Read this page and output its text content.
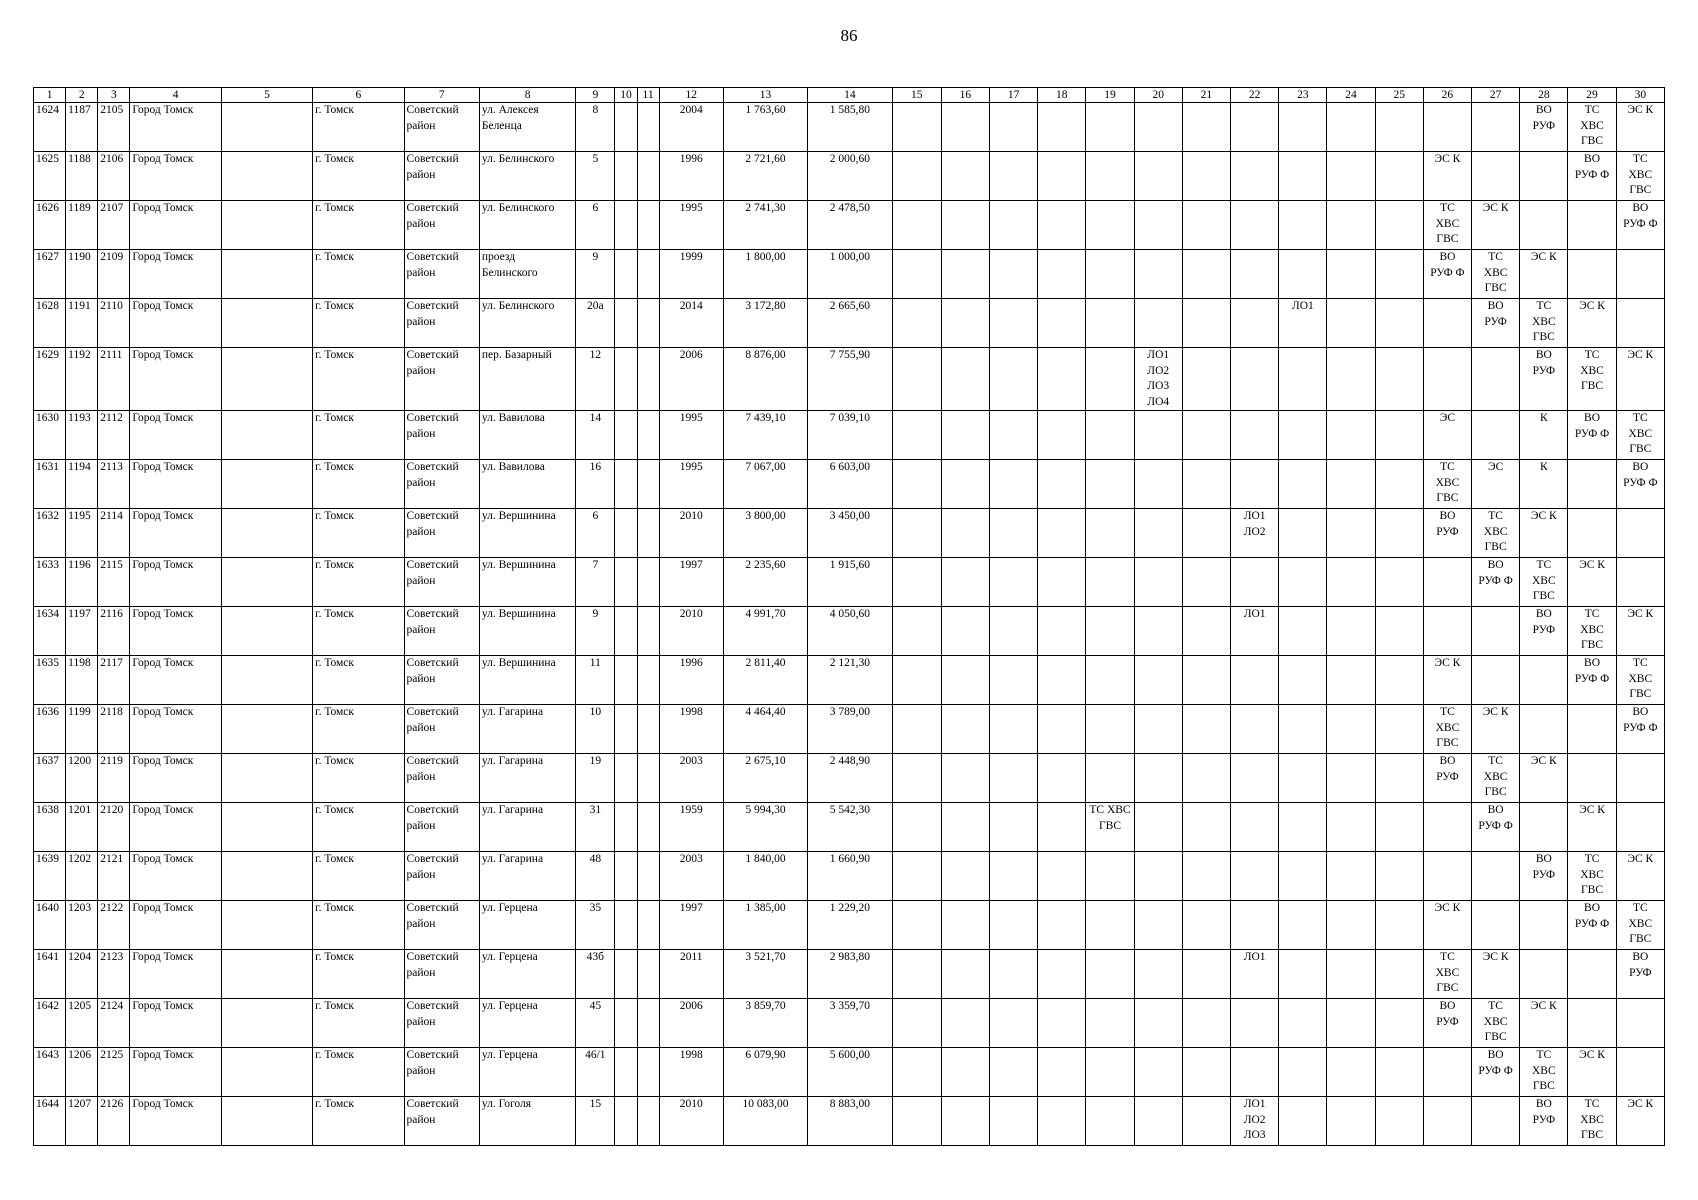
86
1	2	3	4	5	6	7	8	9	10	11	12	13	14	15	16	17	18	19	20	21	22	23	24	25	26	27	28	29	30
1624	1187	2105	Город Томск		г. Томск	Советский район	ул. Алексея Беленца	8			2004	1 763,60	1 585,80														ВО
РУФ	ТС
ХВС
ГВС	ЭС К
1625	1188	2106	Город Томск		г. Томск	Советский район	ул. Белинского	5			1996	2 721,60	2 000,60												ЭС К			ВО
РУФ Ф	ТС
ХВС
ГВС
1626	1189	2107	Город Томск		г. Томск	Советский район	ул. Белинского	6			1995	2 741,30	2 478,50												ТС
ХВС
ГВС	ЭС К			ВО
РУФ Ф
1627	1190	2109	Город Томск		г. Томск	Советский район	проезд Белинского	9			1999	1 800,00	1 000,00												ВО
РУФ Ф	ТС
ХВС
ГВС	ЭС К		
1628	1191	2110	Город Томск		г. Томск	Советский район	ул. Белинского	20а			2014	3 172,80	2 665,60									ЛО1				ВО
РУФ	ТС
ХВС
ГВС	ЭС К	
1629	1192	2111	Город Томск		г. Томск	Советский район	пер. Базарный	12			2006	8 876,00	7 755,90						ЛО1
ЛО2
ЛО3
ЛО4								ВО
РУФ	ТС
ХВС
ГВС	ЭС К
1630	1193	2112	Город Томск		г. Томск	Советский район	ул. Вавилова	14			1995	7 439,10	7 039,10												ЭС		К	ВО
РУФ Ф	ТС
ХВС
ГВС
1631	1194	2113	Город Томск		г. Томск	Советский район	ул. Вавилова	16			1995	7 067,00	6 603,00												ТС
ХВС
ГВС	ЭС	К		ВО
РУФ Ф
1632	1195	2114	Город Томск		г. Томск	Советский район	ул. Вершинина	6			2010	3 800,00	3 450,00								ЛО1
ЛО2				ВО
РУФ	ТС
ХВС
ГВС	ЭС К		
1633	1196	2115	Город Томск		г. Томск	Советский район	ул. Вершинина	7			1997	2 235,60	1 915,60													ВО
РУФ Ф	ТС
ХВС
ГВС	ЭС К	
1634	1197	2116	Город Томск		г. Томск	Советский район	ул. Вершинина	9			2010	4 991,70	4 050,60								ЛО1						ВО
РУФ	ТС
ХВС
ГВС	ЭС К
1635	1198	2117	Город Томск		г. Томск	Советский район	ул. Вершинина	11			1996	2 811,40	2 121,30												ЭС К			ВО
РУФ Ф	ТС
ХВС
ГВС
1636	1199	2118	Город Томск		г. Томск	Советский район	ул. Гагарина	10			1998	4 464,40	3 789,00												ТС
ХВС
ГВС	ЭС К			ВО
РУФ Ф
1637	1200	2119	Город Томск		г. Томск	Советский район	ул. Гагарина	19			2003	2 675,10	2 448,90												ВО
РУФ	ТС
ХВС
ГВС	ЭС К		
1638	1201	2120	Город Томск		г. Томск	Советский район	ул. Гагарина	31			1959	5 994,30	5 542,30					ТС ХВС ГВС								ВО
РУФ Ф		ЭС К	
1639	1202	2121	Город Томск		г. Томск	Советский район	ул. Гагарина	48			2003	1 840,00	1 660,90														ВО
РУФ	ТС
ХВС
ГВС	ЭС К
1640	1203	2122	Город Томск		г. Томск	Советский район	ул. Герцена	35			1997	1 385,00	1 229,20												ЭС К			ВО
РУФ Ф	ТС
ХВС
ГВС
1641	1204	2123	Город Томск		г. Томск	Советский район	ул. Герцена	43б			2011	3 521,70	2 983,80								ЛО1				ТС
ХВС
ГВС	ЭС К			ВО
РУФ
1642	1205	2124	Город Томск		г. Томск	Советский район	ул. Герцена	45			2006	3 859,70	3 359,70												ВО
РУФ	ТС
ХВС
ГВС	ЭС К		
1643	1206	2125	Город Томск		г. Томск	Советский район	ул. Герцена	46/1			1998	6 079,90	5 600,00													ВО
РУФ Ф	ТС
ХВС
ГВС	ЭС К	
1644	1207	2126	Город Томск		г. Томск	Советский район	ул. Гоголя	15			2010	10 083,00	8 883,00								ЛО1
ЛО2
ЛО3						ВО
РУФ	ТС
ХВС
ГВС	ЭС К
